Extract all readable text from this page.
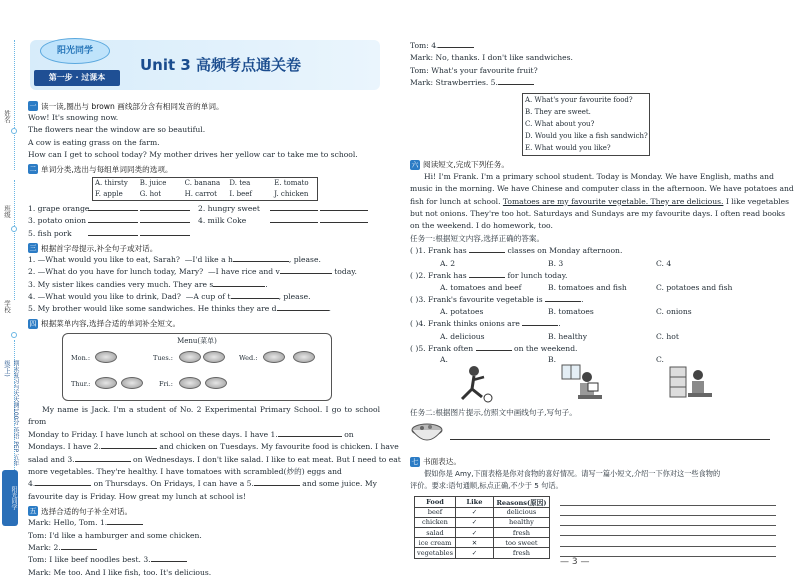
姓名
班级
学校
期末复习与天天测100分 英语 PEP 五年级(上)
阳光同学
阳光同学
第一步 · 过课本
Unit 3 高频考点通关卷
一 读一读,圈出与 brown 画线部分含有相同发音的单词。
Wow! It's snowing now.
The flowers near the window are so beautiful.
A cow is eating grass on the farm.
How can I get to school today? My mother drives her yellow car to take me to school.
二 单词分类,选出与每组单词同类的选项。
A. thirsty	B. juice	C. banana	D. tea	E. tomato
F. apple	G. hot	H. carrot	I. beef	J. chicken
1. grape orange	2. hungry sweet
3. potato onion	4. milk Coke
5. fish pork
三 根据首字母提示,补全句子或对话。
1. —What would you like to eat, Sarah? —I'd like a h	, please.
2. —What do you have for lunch today, Mary? —I have rice and v	today.
3. My sister likes candies very much. They are s	.
4. —What would you like to drink, Dad? —A cup of t	, please.
5. My brother would like some sandwiches. He thinks they are d	.
四 根据菜单内容,选择合适的单词补全短文。
Menu(菜单)
Mon.:	Tues.:	Wed.:
Thur.:	Fri.:
My name is Jack. I'm a student of No. 2 Experimental Primary School. I go to school from
Monday to Friday. I have lunch at school on these days. I have 1.	on
Mondays. I have 2.	and chicken on Tuesdays. My favourite food is chicken. I have
salad and 3.	on Wednesdays. I don't like salad. I like to eat meat. But I need to eat
more vegetables. They're healthy. I have tomatoes with scrambled(炒的) eggs and
4.	on Thursdays. On Fridays, I can have a 5.	and some juice. My
favourite day is Friday. How great my lunch at school is!
五 选择合适的句子补全对话。
Mark: Hello, Tom. 1.
Tom: I'd like a hamburger and some chicken.
Mark: 2.
Tom: I like beef noodles best. 3.
Mark: Me too. And I like fish, too. It's delicious.
Tom: 4.
Mark: No, thanks. I don't like sandwiches.
Tom: What's your favourite fruit?
Mark: Strawberries. 5.
A. What's your favourite food?
B. They are sweet.
C. What about you?
D. Would you like a fish sandwich?
E. What would you like?
六 阅读短文,完成下列任务。
Hi! I'm Frank. I'm a primary school student. Today is Monday. We have English, maths and
music in the morning. We have Chinese and computer class in the afternoon. We have potatoes and
fish for lunch at school. Tomatoes are my favourite vegetable. They are delicious. I like vegetables
but not onions. They're too hot. Saturdays and Sundays are my favourite days. I often read books
on the weekend. I do homework, too.
任务一:根据短文内容,选择正确的答案。
( )1. Frank has	classes on Monday afternoon.
A. 2	B. 3	C. 4
( )2. Frank has	for lunch today.
A. tomatoes and beef	B. tomatoes and fish	C. potatoes and fish
( )3. Frank's favourite vegetable is	.
A. potatoes	B. tomatoes	C. onions
( )4. Frank thinks onions are	.
A. delicious	B. healthy	C. hot
( )5. Frank often	on the weekend.
A.	B.	C.
任务二:根据图片提示,仿照文中画线句子,写句子。
七 书面表达。
假如你是 Amy,下面表格是你对食物的喜好情况。请写一篇小短文,介绍一下你对这一些食物的
评价。要求:语句通顺,标点正确,不少于 5 句话。
Food	Like	Reasons(原因)
beef	✓	delicious
chicken	✓	healthy
salad	✓	fresh
ice cream	✕	too sweet
vegetables	✓	fresh
— 3 —
